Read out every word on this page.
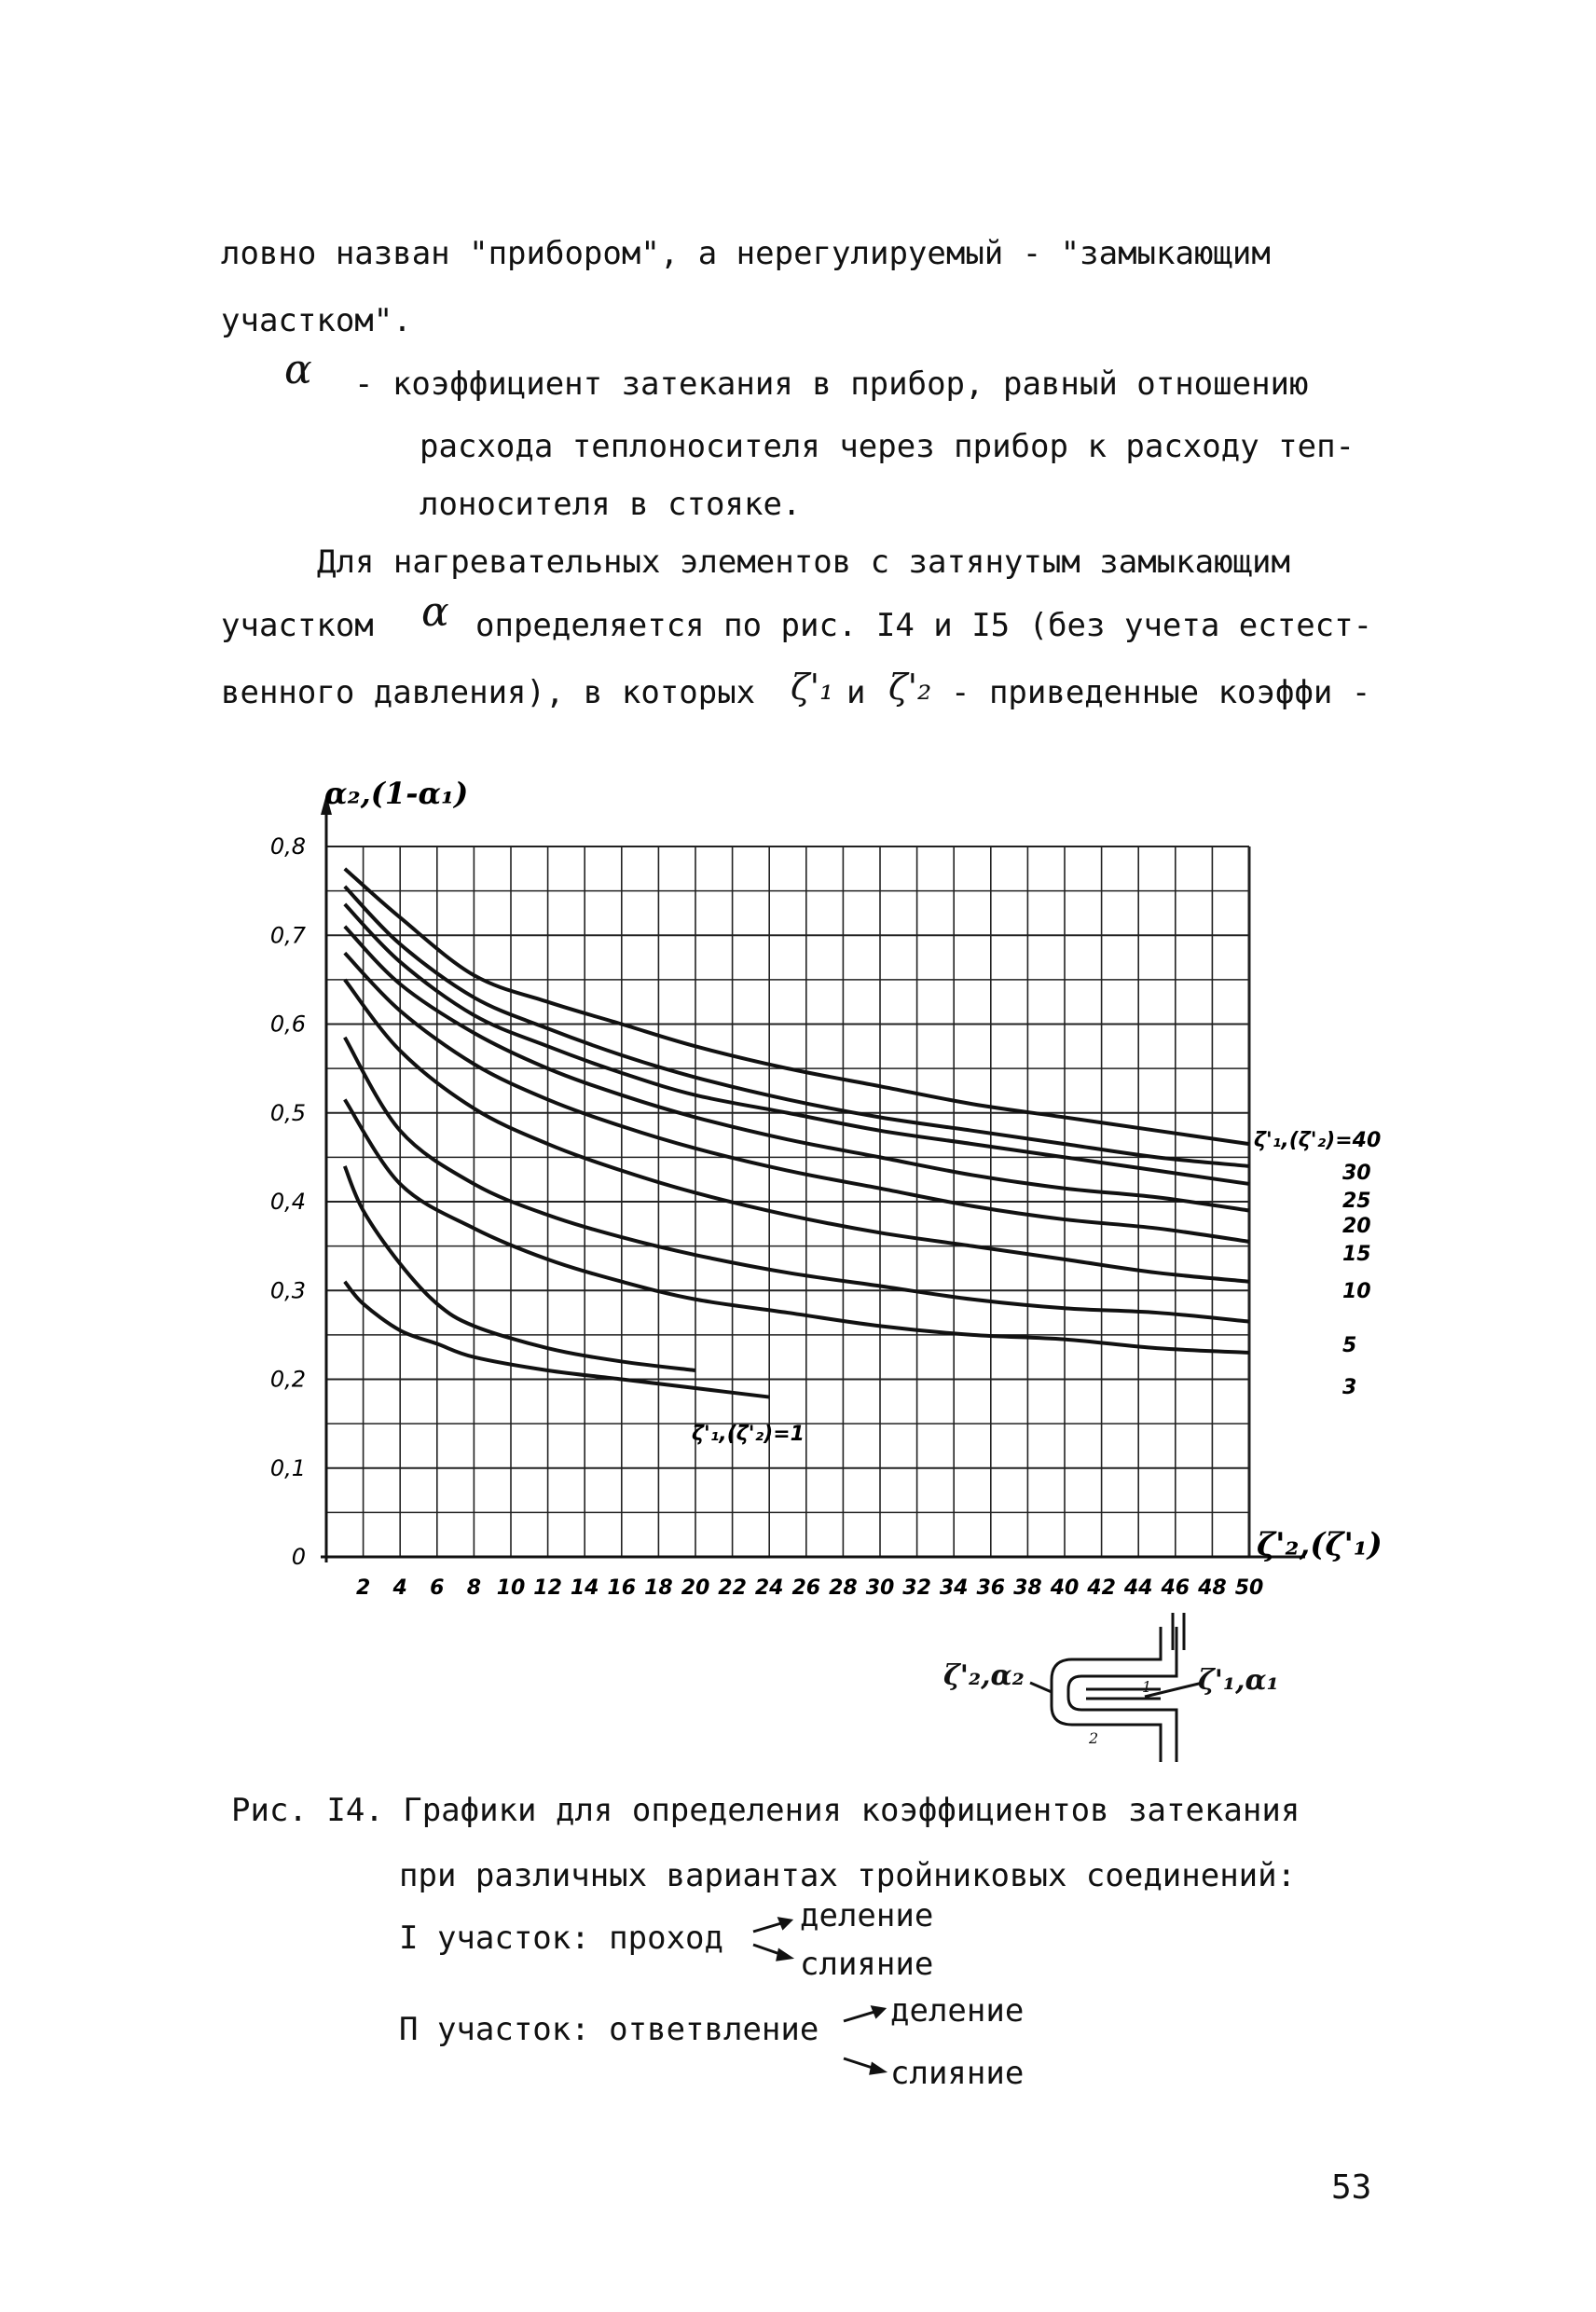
ловно назван "прибором", а нерегулируемый - "замыкающим
участком".
α - коэффициент затекания в прибор, равный отношению
расхода теплоносителя через прибор к расходу теп-
лоносителя в стояке.
Для нагревательных элементов с затянутым замыкающим
участком α определяется по рис. I4 и I5 (без учета естест-
венного давления), в которых ζ'₁ и ζ'₂ - приведенные коэффи -
2 4 6 8 10 12 14 16 18 20 22 24 26 28 30 32 34 36 38 40 42 44 46 48 50
0
0,1
0,2
0,3
0,4
0,5
0,6
0,7
0,8
α₂,(1-α₁)
ζ'₂,(ζ'₁)
ζ'₁,(ζ'₂)=40
30
25
20
15
10
5
3
ζ'₁,(ζ'₂)=1
ζ'₂,α₂	ζ'₁,α₁
1
2
Рис. I4. Графики для определения коэффициентов затекания
при различных вариантах тройниковых соединений:
I участок: проход
деление
слияние
П участок: ответвление деление
слияние
53
